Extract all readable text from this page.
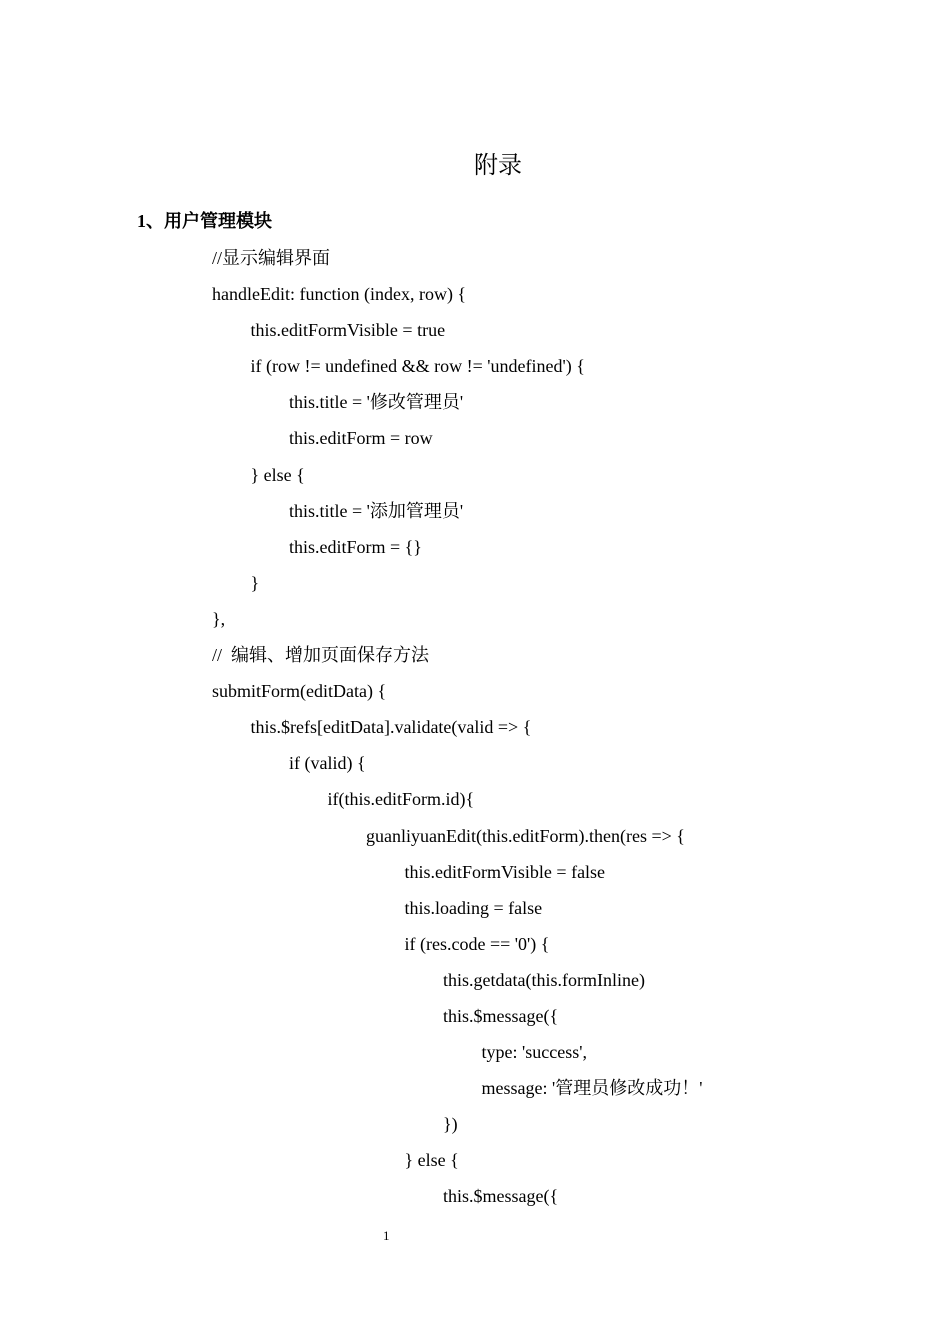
附录
1、用户管理模块
//显示编辑界面
handleEdit: function (index, row) {
this.editFormVisible = true
if (row != undefined && row != 'undefined') {
this.title = '修改管理员'
this.editForm = row
} else {
this.title = '添加管理员'
this.editForm = {}
}
},
//  编辑、增加页面保存方法
submitForm(editData) {
this.$refs[editData].validate(valid => {
if (valid) {
if(this.editForm.id){
guanliyuanEdit(this.editForm).then(res => {
this.editFormVisible = false
this.loading = false
if (res.code == '0') {
this.getdata(this.formInline)
this.$message({
type: 'success',
message: '管理员修改成功！'
})
} else {
this.$message({
1
